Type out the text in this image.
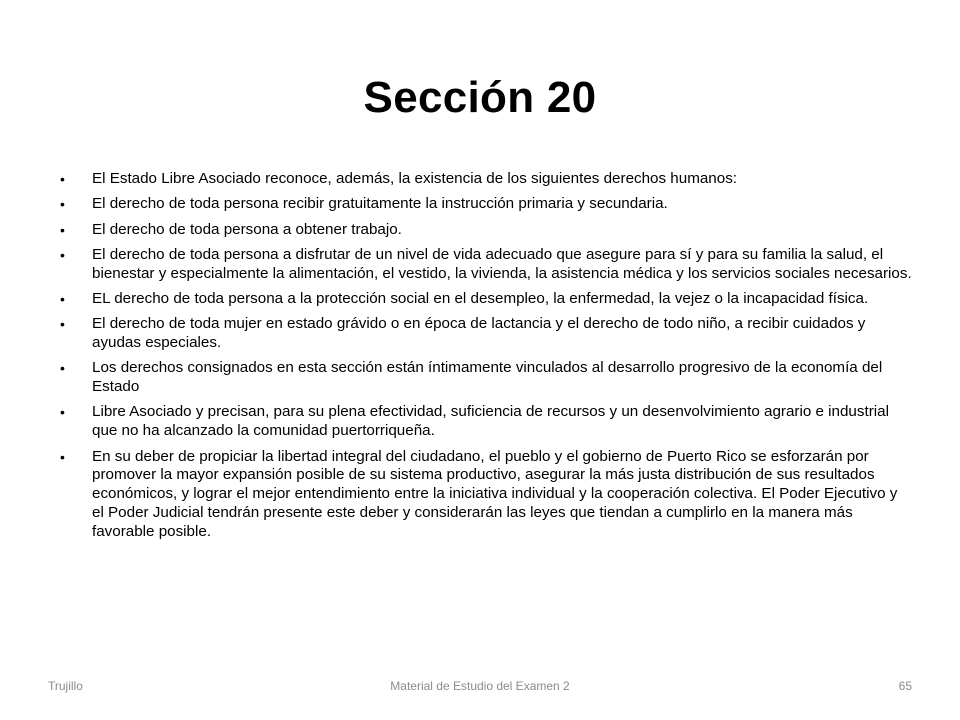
Sección 20
• El Estado Libre Asociado reconoce, además, la existencia de los siguientes derechos humanos:
• El derecho de toda persona recibir gratuitamente la instrucción primaria y secundaria.
• El derecho de toda persona a obtener trabajo.
• El derecho de toda persona a disfrutar de un nivel de vida adecuado que asegure para sí y para su familia la salud, el bienestar y especialmente la alimentación, el vestido, la vivienda, la asistencia médica y los servicios sociales necesarios.
• EL derecho de toda persona a la protección social en el desempleo, la enfermedad, la vejez o la incapacidad física.
• El derecho de toda mujer en estado grávido o en época de lactancia y el derecho de todo niño, a recibir cuidados y ayudas especiales.
• Los derechos consignados en esta sección están íntimamente vinculados al desarrollo progresivo de la economía del Estado
• Libre Asociado y precisan, para su plena efectividad, suficiencia de recursos y un desenvolvimiento agrario e industrial que no ha alcanzado la comunidad puertorriqueña.
• En su deber de propiciar la libertad integral del ciudadano, el pueblo y el gobierno de Puerto Rico se esforzarán por promover la mayor expansión posible de su sistema productivo, asegurar la más justa distribución de sus resultados económicos, y lograr el mejor entendimiento entre la iniciativa individual y la cooperación colectiva. El Poder Ejecutivo y el Poder Judicial tendrán presente este deber y considerarán las leyes que tiendan a cumplirlo en la manera más favorable posible.
Trujillo	Material de Estudio del Examen 2	65
